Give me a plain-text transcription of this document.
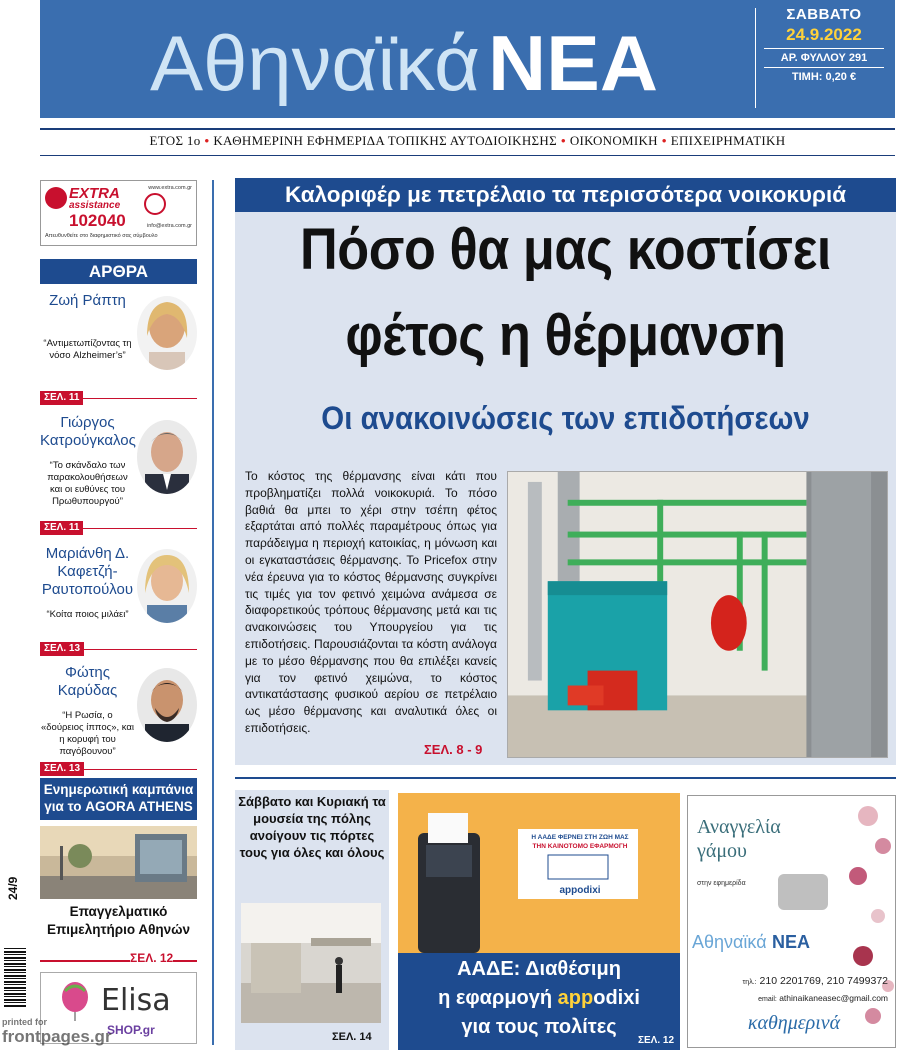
Αθηναϊκά ΝΕΑ
ΣΑΒΒΑΤΟ
24.9.2022
ΑΡ. ΦΥΛΛΟΥ 291
ΤΙΜΗ: 0,20 €
ΕΤΟΣ 1ο • ΚΑΘΗΜΕΡΙΝΗ ΕΦΗΜΕΡΙΔΑ ΤΟΠΙΚΗΣ ΑΥΤΟΔΙΟΙΚΗΣΗΣ • ΟΙΚΟΝΟΜΙΚΗ • ΕΠΙΧΕΙΡΗΜΑΤΙΚΗ
EXTRA
assistance
102040
www.extra.com.gr
info@extra.com.gr
Απευθυνθείτε στο διαφημιστικό σας σύμβουλο
ΑΡΘΡΑ
Ζωή Ράπτη
“Αντιμετωπίζοντας τη νόσο Alzheimer’s”
ΣΕΛ. 11
Γιώργος Κατρούγκαλος
“Το σκάνδαλο των παρακολουθήσεων και οι ευθύνες του Πρωθυπουργού”
ΣΕΛ. 11
Μαριάνθη Δ. Καφετζή-Ραυτοπούλου
“Κοίτα ποιος μιλάει”
ΣΕΛ. 13
Φώτης Καρύδας
“Η Ρωσία, ο «δούρειος ίππος», και η κορυφή του παγόβουνου”
ΣΕΛ. 13
Ενημερωτική καμπάνια για το AGORA ATHENS
Επαγγελματικό Επιμελητήριο Αθηνών
ΣΕΛ. 12
Elisa
SHOP.gr
24/9
printed for
frontpages.gr
Καλοριφέρ με πετρέλαιο τα περισσότερα νοικοκυριά
Πόσο θα μας κοστίσει
φέτος η θέρμανση
Οι ανακοινώσεις των επιδοτήσεων
Το κόστος της θέρμανσης είναι κάτι που προβληματίζει πολλά νοικοκυριά. Το πόσο βαθιά θα μπει το χέρι στην τσέπη φέτος εξαρτάται από πολλές παραμέτρους όπως για παράδειγμα η περιοχή κατοικίας, η μόνωση και οι εγκαταστάσεις θέρμανσης. Το Pricefox στην νέα έρευνα για το κόστος θέρμανσης συγκρίνει τις τιμές για τον φετινό χειμώνα ανάμεσα σε διαφορετικούς τρόπους θέρμανσης μετά και τις ανακοινώσεις του Υπουργείου για τις επιδοτήσεις. Παρουσιάζονται τα κόστη ανάλογα με το μέσο θέρμανσης που θα επιλέξει κανείς για τον φετινό χειμώνα, το κόστος αντικατάστασης φυσικού αερίου σε πετρέλαιο ως μέσο θέρμανσης και αναλυτικά όλες οι επιδοτήσεις.
ΣΕΛ. 8 - 9
Σάββατο και Κυριακή τα μουσεία της πόλης ανοίγουν τις πόρτες τους για όλες και όλους
ΣΕΛ. 14
Η ΑΑΔΕ ΦΕΡΝΕΙ ΣΤΗ ΖΩΗ ΜΑΣ
ΤΗΝ ΚΑΙΝΟΤΟΜΟ ΕΦΑΡΜΟΓΗ
appodixi
ΑΑΔΕ: Διαθέσιμη
η εφαρμογή appodixi
για τους πολίτες
ΣΕΛ. 12
Αναγγελία γάμου
στην εφημερίδα
Αθηναϊκά ΝΕΑ
τηλ.: 210 2201769, 210 7499372
email: athinaikaneasec@gmail.com
καθημερινά
